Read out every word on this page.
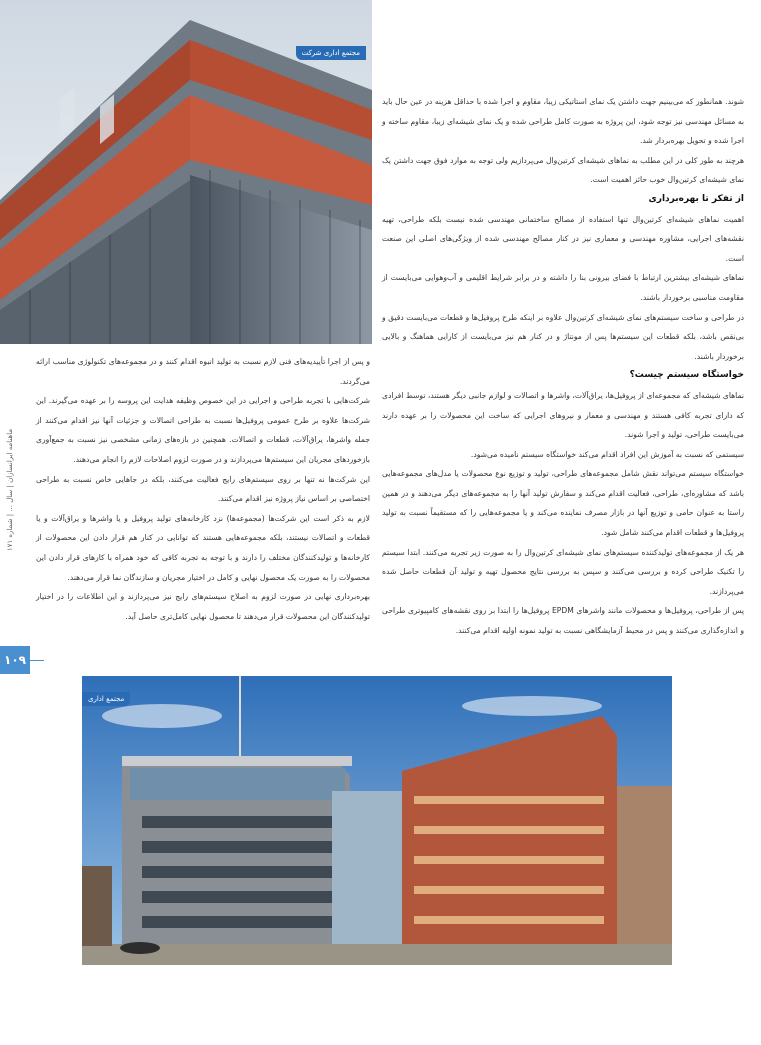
مجتمع اداری شرکت

شوند. همانطور که می‌بینیم جهت داشتن یک نمای استاتیکی زیبا، مقاوم و اجرا شده با حداقل هزینه در عین حال باید به مسائل مهندسی نیز توجه شود، این پروژه به صورت کامل طراحی شده و یک نمای شیشه‌ای زیبا، مقاوم ساخته و اجرا شده و تحویل بهره‌بردار شد.

هرچند به طور کلی در این مطلب به نماهای شیشه‌ای کرتین‌وال می‌پردازیم ولی توجه به موارد فوق جهت داشتن یک نمای شیشه‌ای کرتین‌وال خوب حائز اهمیت است.

از تفکر تا بهره‌برداری

اهمیت نماهای شیشه‌ای کرتین‌وال تنها استفاده از مصالح ساختمانی مهندسی شده نیست بلکه طراحی، تهیه نقشه‌های اجرایی، مشاوره مهندسی و معماری نیز در کنار مصالح مهندسی شده از ویژگی‌های اصلی این صنعت است.

نماهای شیشه‌ای بیشترین ارتباط با فضای بیرونی بنا را داشته و در برابر شرایط اقلیمی و آب‌وهوایی می‌بایست از مقاومت مناسبی برخوردار باشند.

در طراحی و ساخت سیستم‌های نمای شیشه‌ای کرتین‌وال علاوه بر اینکه طرح پروفیل‌ها و قطعات می‌بایست دقیق و بی‌نقص باشد، بلکه قطعات این سیستم‌ها پس از مونتاژ و در کنار هم نیز می‌بایست از کارایی هماهنگ و بالایی برخوردار باشند.

خواستگاه سیستم چیست؟

نماهای شیشه‌ای که مجموعه‌ای از پروفیل‌ها، یراق‌آلات، واشرها و اتصالات و لوازم جانبی دیگر هستند، توسط افرادی که دارای تجربه کافی هستند و مهندسی و معمار و نیروهای اجرایی که ساخت این محصولات را بر عهده دارند می‌بایست طراحی، تولید و اجرا شوند.

سیستمی که نسبت به آموزش این افراد اقدام می‌کند خواستگاه سیستم نامیده می‌شود.

خواستگاه سیستم می‌تواند نقش شامل مجموعه‌های طراحی، تولید و توزیع نوع محصولات یا مدل‌های مجموعه‌هایی باشد که مشاوره‌ای، طراحی، فعالیت اقدام می‌کند و سفارش تولید آنها را به مجموعه‌های دیگر می‌دهند و در همین راستا به عنوان حامی و توزیع آنها در بازار مصرف نماینده می‌کند و یا مجموعه‌هایی را که مستقیماً نسبت به تولید پروفیل‌ها و قطعات اقدام می‌کنند شامل شود.

هر یک از مجموعه‌های تولیدکننده سیستم‌های نمای شیشه‌ای کرتین‌وال را به صورت زیر تجربه می‌کنند. ابتدا سیستم را تکنیک طراحی کرده و بررسی می‌کنند و سپس به بررسی نتایج محصول تهیه و تولید آن قطعات حاصل شده می‌پردازند.

پس از طراحی، پروفیل‌ها و محصولات مانند واشرهای EPDM پروفیل‌ها را ابتدا بر روی نقشه‌های کامپیوتری طراحی و اندازه‌گذاری می‌کنند و پس در محیط آزمایشگاهی نسبت به تولید نمونه اولیه اقدام می‌کنند.

و پس از اجرا تأییدیه‌های فنی لازم نسبت به تولید انبوه اقدام کنند و در مجموعه‌های تکنولوژی مناسب ارائه می‌گردند.

شرکت‌هایی با تجربه طراحی و اجرایی در این خصوص وظیفه هدایت این پروسه را بر عهده می‌گیرند. این شرکت‌ها علاوه بر طرح عمومی پروفیل‌ها نسبت به طراحی اتصالات و جزئیات آنها نیز اقدام می‌کنند از جمله واشرها، یراق‌آلات، قطعات و اتصالات. همچنین در بازه‌های زمانی مشخصی نیز نسبت به جمع‌آوری بازخوردهای مجریان این سیستم‌ها می‌پردازند و در صورت لزوم اصلاحات لازم را انجام می‌دهند.

این شرکت‌ها نه تنها بر روی سیستم‌های رایج فعالیت می‌کنند، بلکه در جاهایی خاص نسبت به طراحی اختصاصی بر اساس نیاز پروژه نیز اقدام می‌کنند.

لازم به ذکر است این شرکت‌ها (مجموعه‌ها) نزد کارخانه‌های تولید پروفیل و یا واشرها و یراق‌آلات و یا قطعات و اتصالات نیستند، بلکه مجموعه‌هایی هستند که توانایی در کنار هم قرار دادن این محصولات از کارخانه‌ها و تولیدکنندگان مختلف را دارند و با توجه به تجربه کافی که خود همراه با کارهای قرار دادن این محصولات را به صورت یک محصول نهایی و کامل در اختیار مجریان و سازندگان نما قرار می‌دهند.

بهره‌برداری نهایی در صورت لزوم به اصلاح سیستم‌های رایج نیز می‌پردازند و این اطلاعات را در اختیار تولیدکنندگان این محصولات قرار می‌دهند تا محصول نهایی کامل‌تری حاصل آید.

ماهنامه ایرانسازان | سال ... | شماره ۱۷۱
۱۰۹
مجتمع اداری
